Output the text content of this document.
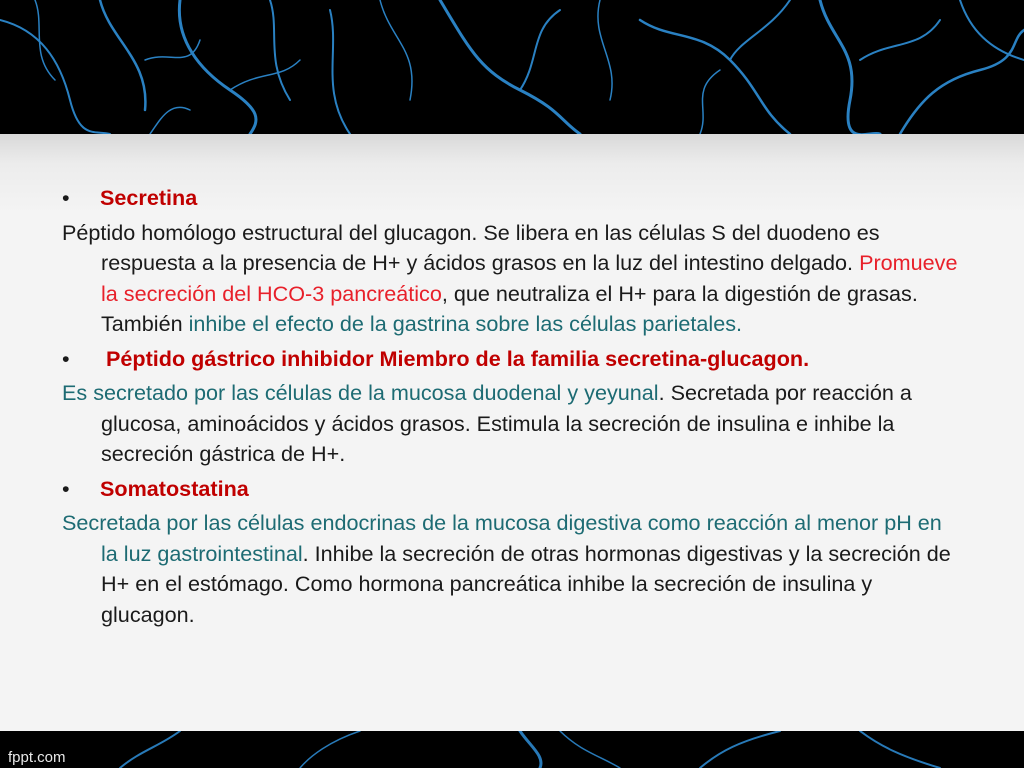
• Secretina

Péptido homólogo estructural del glucagon. Se libera en las células S del duodeno es respuesta a la presencia de H+ y ácidos grasos en la luz del intestino delgado. Promueve la secreción del HCO-3 pancreático, que neutraliza el H+ para la digestión de grasas. También inhibe el efecto de la gastrina sobre las células parietales.

• Péptido gástrico inhibidor Miembro de la familia secretina-glucagon.

Es secretado por las células de la mucosa duodenal y yeyunal. Secretada por reacción a glucosa, aminoácidos y ácidos grasos. Estimula la secreción de insulina e inhibe la secreción gástrica de H+.

• Somatostatina

Secretada por las células endocrinas de la mucosa digestiva como reacción al menor pH en la luz gastrointestinal. Inhibe la secreción de otras hormonas digestivas y la secreción de H+ en el estómago. Como hormona pancreática inhibe la secreción de insulina y glucagon.

fppt.com
